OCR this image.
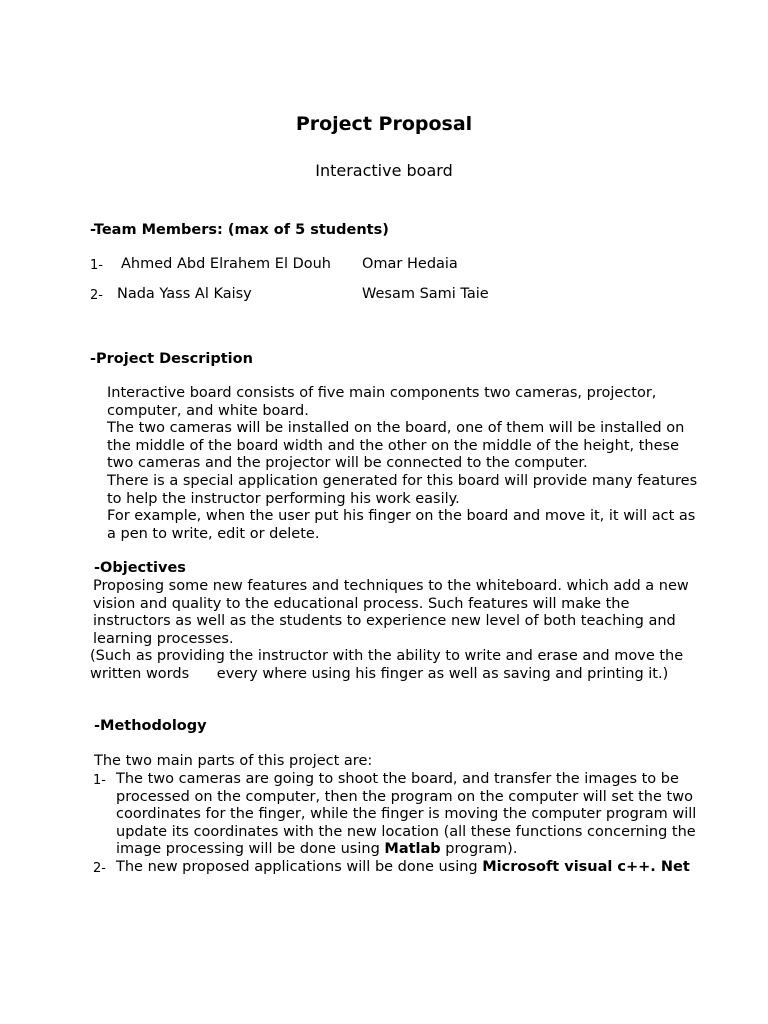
Project Proposal
Interactive board
-Team Members: (max of 5 students)
1- Ahmed Abd Elrahem El Douh
2- Nada Yass Al Kaisy
Omar Hedaia
Wesam Sami Taie
-Project Description
Interactive board consists of five main components two cameras, projector,
computer, and white board.
The two cameras will be installed on the board, one of them will be installed on
the middle of the board width and the other on the middle of the height, these
two cameras and the projector will be connected to the computer.
There is a special application generated for this board will provide many features
to help the instructor performing his work easily.
For example, when the user put his finger on the board and move it, it will act as
a pen to write, edit or delete.
-Objectives
Proposing some new features and techniques to the whiteboard. which add a new
vision and quality to the educational process. Such features will make the
instructors as well as the students to experience new level of both teaching and
learning processes.
(Such as providing the instructor with the ability to write and erase and move the
written words      every where using his finger as well as saving and printing it.)
-Methodology
The two main parts of this project are:
1- The two cameras are going to shoot the board, and transfer the images to be
processed on the computer, then the program on the computer will set the two
coordinates for the finger, while the finger is moving the computer program will
update its coordinates with the new location (all these functions concerning the
image processing will be done using Matlab program).
2- The new proposed applications will be done using Microsoft visual c++. Net
